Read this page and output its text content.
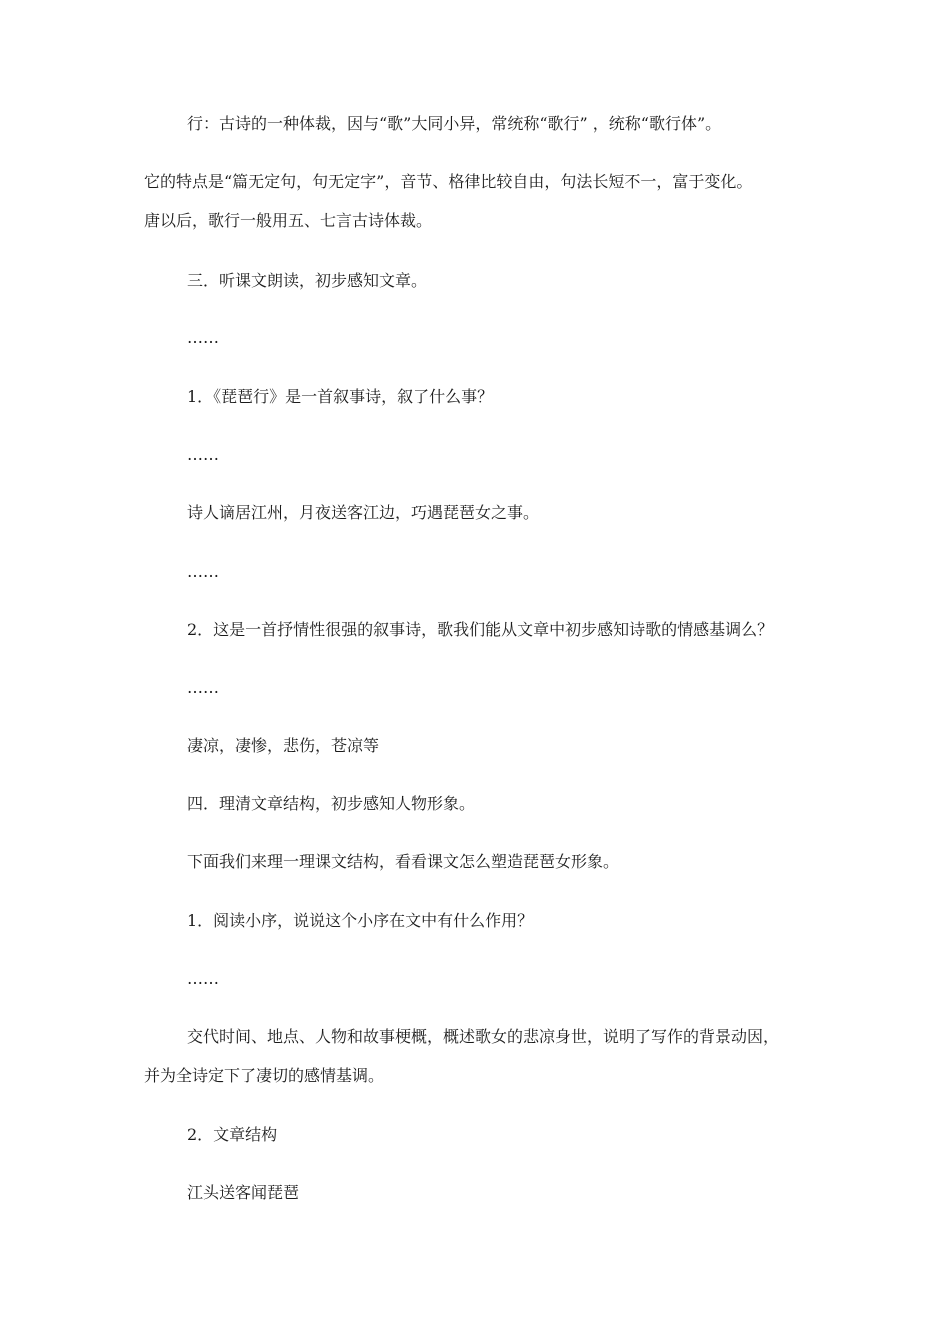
行：古诗的一种体裁，因与“歌”大同小异，常统称“歌行” ，统称“歌行体”。

它的特点是“篇无定句，句无定字”，音节、格律比较自由，句法长短不一，富于变化。

唐以后，歌行一般用五、七言古诗体裁。

三．听课文朗读，初步感知文章。

……

1．《琵琶行》是一首叙事诗，叙了什么事？

……

诗人谪居江州，月夜送客江边，巧遇琵琶女之事。

……

2．这是一首抒情性很强的叙事诗，歌我们能从文章中初步感知诗歌的情感基调么？

……

凄凉，凄惨，悲伤，苍凉等

四．理清文章结构，初步感知人物形象。

下面我们来理一理课文结构，看看课文怎么塑造琵琶女形象。

1．阅读小序，说说这个小序在文中有什么作用？

……

交代时间、地点、人物和故事梗概，概述歌女的悲凉身世，说明了写作的背景动因，

并为全诗定下了凄切的感情基调。

2．文章结构

江头送客闻琵琶
